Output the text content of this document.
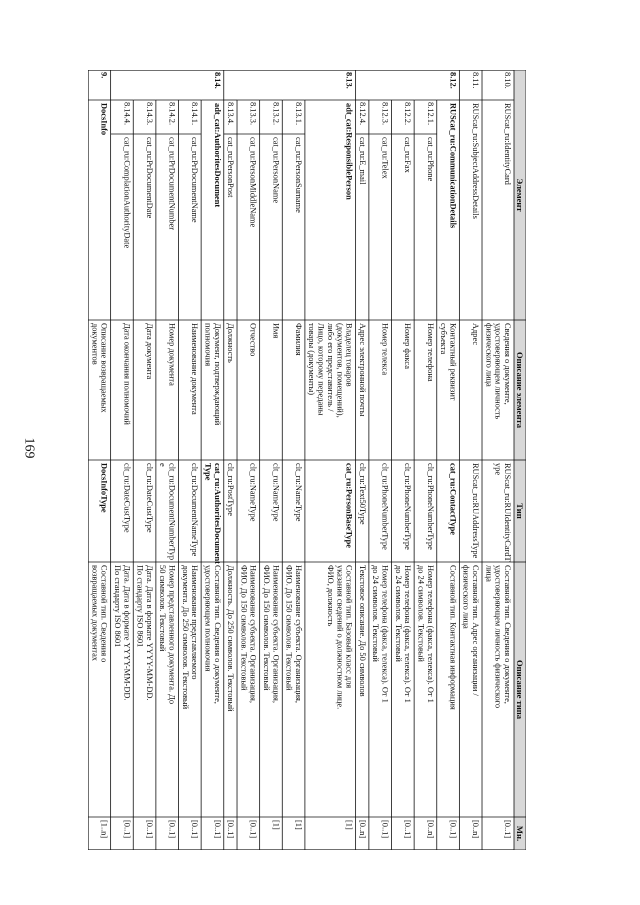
169
Элемент
Описание элемента
Тип
Описание типа
Мн.
8.10.
RUScat_ru:IdentityCard
Сведения о документе,
удостоверяющем личность
физического лица
RUScat_ru:RUIdentityCardT
ype
Составной тип. Сведения о документе,
удостоверяющем личность физического
лица
[0..1]
8.11.
RUScat_ru:SubjectAddressDetails
Адрес
RUScat_ru:RUAddressType
Составной тип. Адрес организации /
физического лица
[0..n]
8.12.
RUScat_ru:CommunicationDetails
Контактный реквизит
субъекта
cat_ru:ContactType
Составной тип. Контактная информация
[0..1]
8.12.1.
cat_ru:Phone
Номер телефона
clt_ru:PhoneNumberType
Номер телефона (факса, телекса). От 1
до 24 символов. Текстовый
[0..n]
8.12.2.
cat_ru:Fax
Номер факса
clt_ru:PhoneNumberType
Номер телефона (факса, телекса). От 1
до 24 символов. Текстовый
[0..1]
8.12.3.
cat_ru:Telex
Номер телекса
clt_ru:PhoneNumberType
Номер телефона (факса, телекса). От 1
до 24 символов. Текстовый
[0..1]
8.12.4.
cat_ru:E_mail
Адрес электронной почты
clt_ru:Text50Type
Текстовое описание. До 50 символов
[0..n]
8.13.
adt_cat:ResponsiblePerson
Владелец товаров
(документов, помещений),
либо его представитель /
Лицо, которому переданы
товары (документы)
cat_ru:PersonBaseType
Составной тип. Базовый класс для
указания сведений о должностном лице.
ФИО, должность
[1]
8.13.1.
cat_ru:PersonSurname
Фамилия
clt_ru:NameType
Наименование субъекта. Организация,
ФИО. До 150 символов. Текстовый
[1]
8.13.2.
cat_ru:PersonName
Имя
clt_ru:NameType
Наименование субъекта. Организация,
ФИО. До 150 символов. Текстовый
[1]
8.13.3.
cat_ru:PersonMiddleName
Отчество
clt_ru:NameType
Наименование субъекта. Организация,
ФИО. До 150 символов. Текстовый
[0..1]
8.13.4.
cat_ru:PersonPost
Должность
clt_ru:PostType
Должность. До 250 символов. Текстовый
[0..1]
8.14.
adt_cat:AuthoritesDocument
Документ, подтверждающий
полномочия
cat_ru:AuthoritesDocument
Type
Составной тип. Сведения о документе,
удостоверяющем полномочия
[0..1]
8.14.1.
cat_ru:PrDocumentName
Наименование документа
clt_ru:DocumentNameType
Наименование представляемого
документа. До 250 символов. Текстовый
[0..1]
8.14.2.
cat_ru:PrDocumentNumber
Номер документа
clt_ru:DocumentNumberTyp
e
Номер представленного документа. До
50 символов. Текстовый
[0..1]
8.14.3.
cat_ru:PrDocumentDate
Дата документа
clt_ru:DateCustType
Дата. Дата в формате YYYY-MM-DD.
По стандарту ISO 8601
[0..1]
8.14.4.
cat_ru:ComplationAuthorityDate
Дата окончания полномочий
clt_ru:DateCustType
Дата. Дата в формате YYYY-MM-DD.
По стандарту ISO 8601
[0..1]
9.
DocsInfo
Описание возвращаемых
документов
DocsInfoType
Составной тип. Сведения о
возвращаемых документах
[1..n]
